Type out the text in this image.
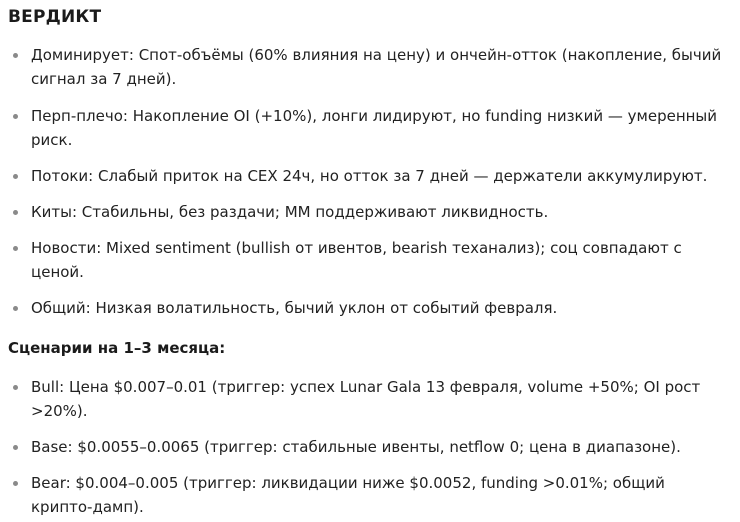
ВЕРДИКТ
Доминирует: Спот-объёмы (60% влияния на цену) и ончейн-отток (накопление, бычий сигнал за 7 дней).
Перп-плечо: Накопление OI (+10%), лонги лидируют, но funding низкий — умеренный риск.
Потоки: Слабый приток на CEX 24ч, но отток за 7 дней — держатели аккумулируют.
Киты: Стабильны, без раздачи; MM поддерживают ликвидность.
Новости: Mixed sentiment (bullish от ивентов, bearish теханализ); соц совпадают с ценой.
Общий: Низкая волатильность, бычий уклон от событий февраля.
Сценарии на 1–3 месяца:
Bull: Цена $0.007–0.01 (триггер: успех Lunar Gala 13 февраля, volume +50%; OI рост >20%).
Base: $0.0055–0.0065 (триггер: стабильные ивенты, netflow 0; цена в диапазоне).
Bear: $0.004–0.005 (триггер: ликвидации ниже $0.0052, funding >0.01%; общий крипто-дамп).
